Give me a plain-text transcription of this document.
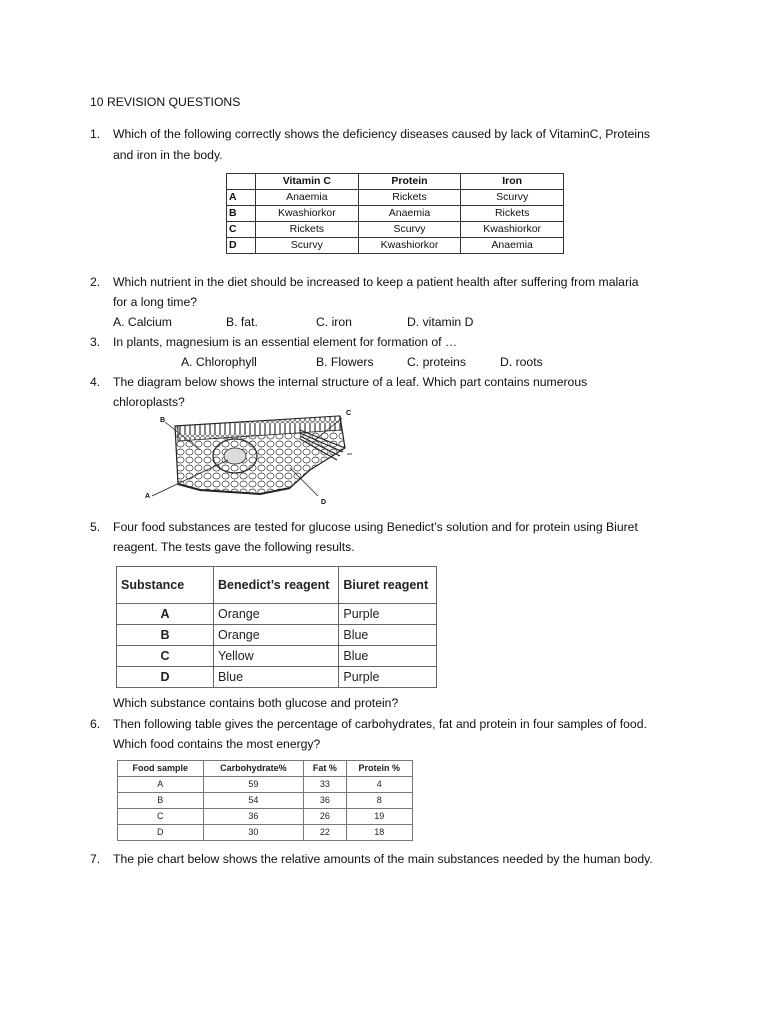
10 REVISION QUESTIONS
1. Which of the following correctly shows the deficiency diseases caused by lack of VitaminC, Proteins
and iron in the body.
	Vitamin C	Protein	Iron
A	Anaemia	Rickets	Scurvy
B	Kwashiorkor	Anaemia	Rickets
C	Rickets	Scurvy	Kwashiorkor
D	Scurvy	Kwashiorkor	Anaemia
2. Which nutrient in the diet should be increased to keep a patient health after suffering from malaria
for a long time?
A. Calcium	B. fat.	C. iron	D. vitamin D
3. In plants, magnesium is an essential element for formation of …
A. Chlorophyll	B. Flowers	C. proteins	D. roots
4. The diagram below shows the internal structure of a leaf. Which part contains numerous
chloroplasts?
B
C
A
D
5. Four food substances are tested for glucose using Benedict’s solution and for protein using Biuret
reagent. The tests gave the following results.
Substance	Benedict’s reagent	Biuret reagent
A	Orange	Purple
B	Orange	Blue
C	Yellow	Blue
D	Blue	Purple
Which substance contains both glucose and protein?
6. Then following table gives the percentage of carbohydrates, fat and protein in four samples of food.
Which food contains the most energy?
Food sample	Carbohydrate%	Fat %	Protein %
A	59	33	4
B	54	36	8
C	36	26	19
D	30	22	18
7. The pie chart below shows the relative amounts of the main substances needed by the human body.
